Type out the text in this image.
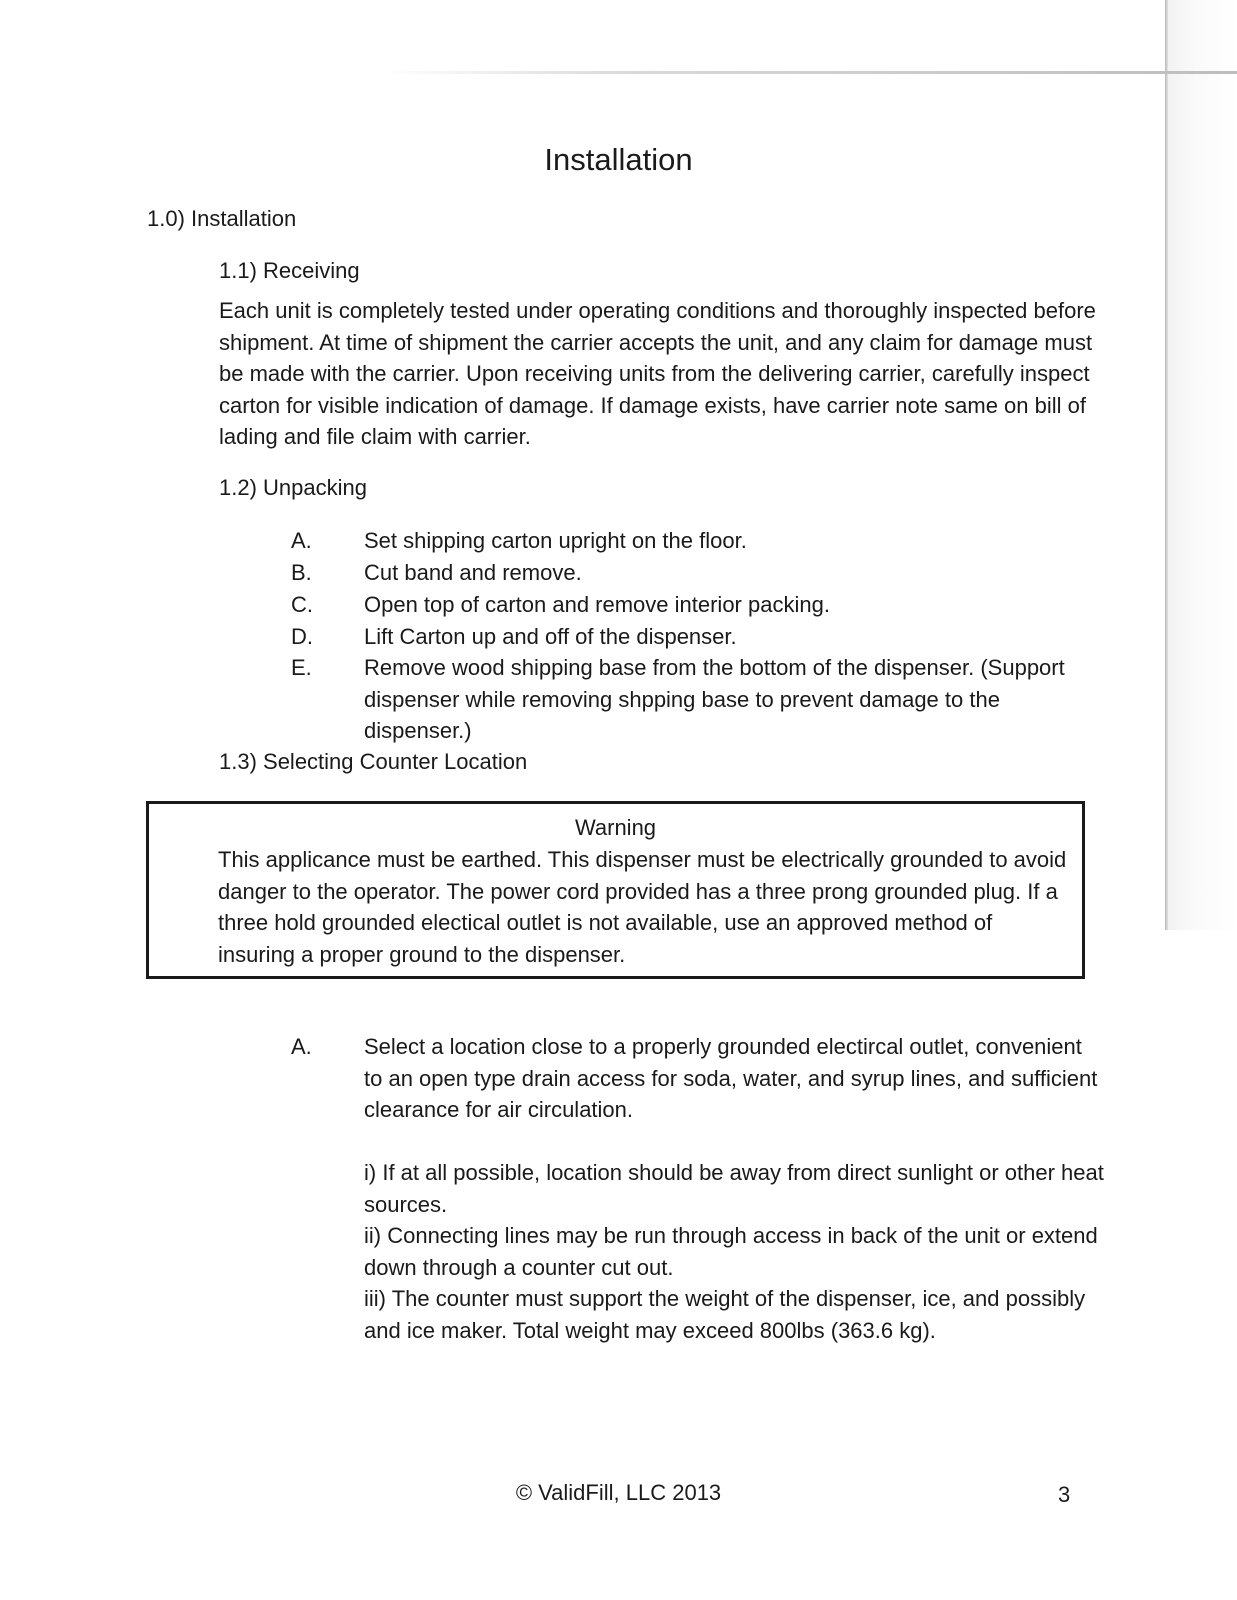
Installation
1.0) Installation
1.1) Receiving

Each unit is completely tested under operating conditions and thoroughly inspected before shipment. At time of shipment the carrier accepts the unit, and any claim for damage must be made with the carrier. Upon receiving units from the delivering carrier, carefully inspect carton for visible indication of damage. If damage exists, have carrier note same on bill of lading and file claim with carrier.

1.2) Unpacking
A. Set shipping carton upright on the floor.
B. Cut band and remove.
C. Open top of carton and remove interior packing.
D. Lift Carton up and off of the dispenser.
E. Remove wood shipping base from the bottom of the dispenser. (Support dispenser while removing shpping base to prevent damage to the dispenser.)
1.3) Selecting Counter Location
Warning
This applicance must be earthed. This dispenser must be electrically grounded to avoid danger to the operator. The power cord provided has a three prong grounded plug. If a three hold grounded electical outlet is not available, use an approved method of insuring a proper ground to the dispenser.
A. Select a location close to a properly grounded electircal outlet, convenient to an open type drain access for soda, water, and syrup lines, and sufficient clearance for air circulation.
i) If at all possible, location should be away from direct sunlight or other heat sources.
ii) Connecting lines may be run through access in back of the unit or extend down through a counter cut out.
iii) The counter must support the weight of the dispenser, ice, and possibly and ice maker. Total weight may exceed 800lbs (363.6 kg).
© ValidFill, LLC 2013	3
